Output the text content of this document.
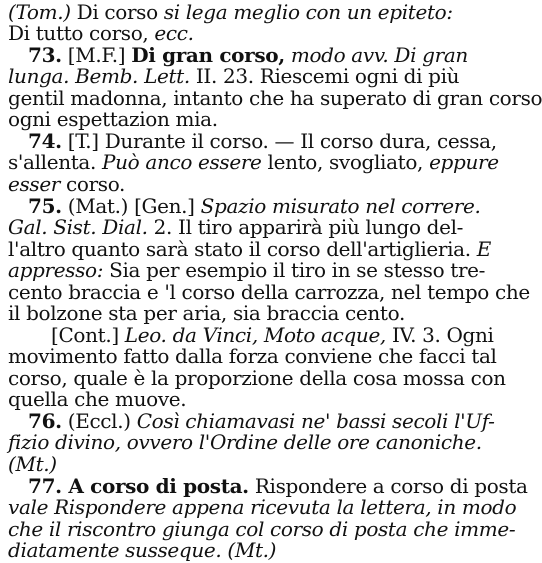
(Tom.) Di corso si lega meglio con un epiteto:
Di tutto corso, ecc.
73. [M.F.] Di gran corso, modo avv. Di gran
lunga. Bemb. Lett. II. 23. Riescemi ogni di più
gentil madonna, intanto che ha superato di gran corso
ogni espettazion mia.
74. [T.] Durante il corso. — Il corso dura, cessa,
s'allenta. Può anco essere lento, svogliato, eppure
esser corso.
75. (Mat.) [Gen.] Spazio misurato nel correre.
Gal. Sist. Dial. 2. Il tiro apparirà più lungo del-
l'altro quanto sarà stato il corso dell'artiglieria. E
appresso: Sia per esempio il tiro in se stesso tre-
cento braccia e 'l corso della carrozza, nel tempo che
il bolzone sta per aria, sia braccia cento.
[Cont.] Leo. da Vinci, Moto acque, IV. 3. Ogni
movimento fatto dalla forza conviene che facci tal
corso, quale è la proporzione della cosa mossa con
quella che muove.
76. (Eccl.) Così chiamavasi ne' bassi secoli l'Uf-
fizio divino, ovvero l'Ordine delle ore canoniche.
(Mt.)
77. A corso di posta. Rispondere a corso di posta
vale Rispondere appena ricevuta la lettera, in modo
che il riscontro giunga col corso di posta che imme-
diatamente susseque. (Mt.)
